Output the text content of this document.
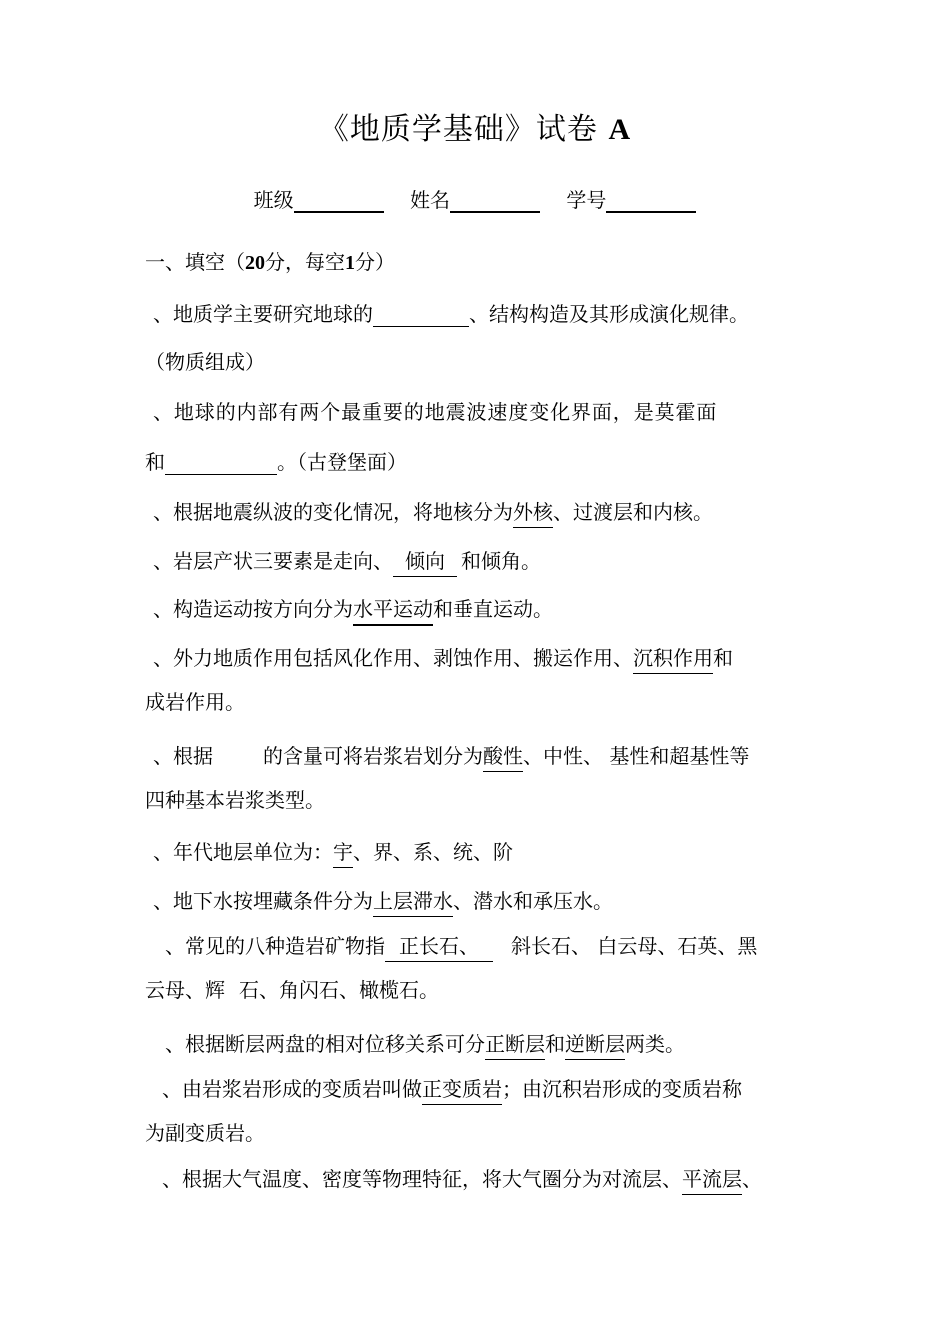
《地质学基础》试卷 A
班级	姓名	学号
一、填空（20分，每空1分）
、地质学主要研究地球的	、结构构造及其形成演化规律。
（物质组成）
、地球的内部有两个最重要的地震波速度变化界面，是莫霍面
和	。（古登堡面）
、根据地震纵波的变化情况，将地核分为外核、过渡层和内核。
、岩层产状三要素是走向、 倾向 和倾角。
、构造运动按方向分为水平运动和垂直运动。
、外力地质作用包括风化作用、剥蚀作用、搬运作用、沉积作用和
成岩作用。
、根据	的含量可将岩浆岩划分为酸性、中性、 基性和超基性等
四种基本岩浆类型。
、年代地层单位为：宇、界、系、统、阶
、地下水按埋藏条件分为上层滞水、潜水和承压水。
、常见的八种造岩矿物指 正长石、 斜长石、 白云母、石英、黑
云母、辉 石、角闪石、橄榄石。
、根据断层两盘的相对位移关系可分正断层和逆断层两类。
、由岩浆岩形成的变质岩叫做正变质岩；由沉积岩形成的变质岩称
为副变质岩。
、根据大气温度、密度等物理特征，将大气圈分为对流层、平流层、
